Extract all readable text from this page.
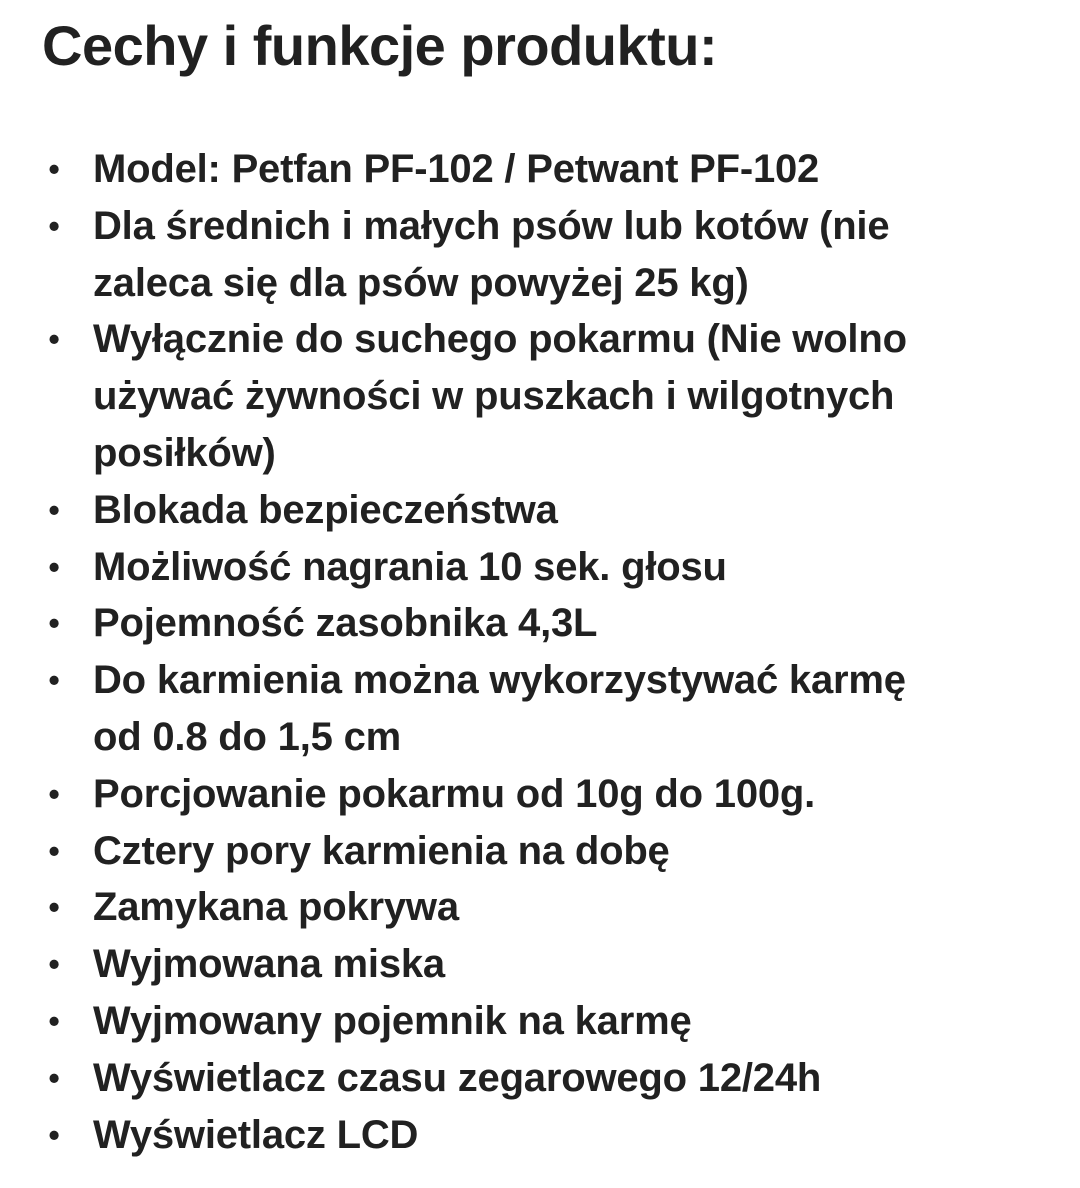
Cechy i funkcje produktu:
• Model: Petfan PF-102 / Petwant PF-102
• Dla średnich i małych psów lub kotów (nie
zaleca się dla psów powyżej 25 kg)
• Wyłącznie do suchego pokarmu (Nie wolno
używać żywności w puszkach i wilgotnych
posiłków)
• Blokada bezpieczeństwa
• Możliwość nagrania 10 sek. głosu
• Pojemność zasobnika 4,3L
• Do karmienia można wykorzystywać karmę
od 0.8 do 1,5 cm
• Porcjowanie pokarmu od 10g do 100g.
• Cztery pory karmienia na dobę
• Zamykana pokrywa
• Wyjmowana miska
• Wyjmowany pojemnik na karmę
• Wyświetlacz czasu zegarowego 12/24h
• Wyświetlacz LCD
